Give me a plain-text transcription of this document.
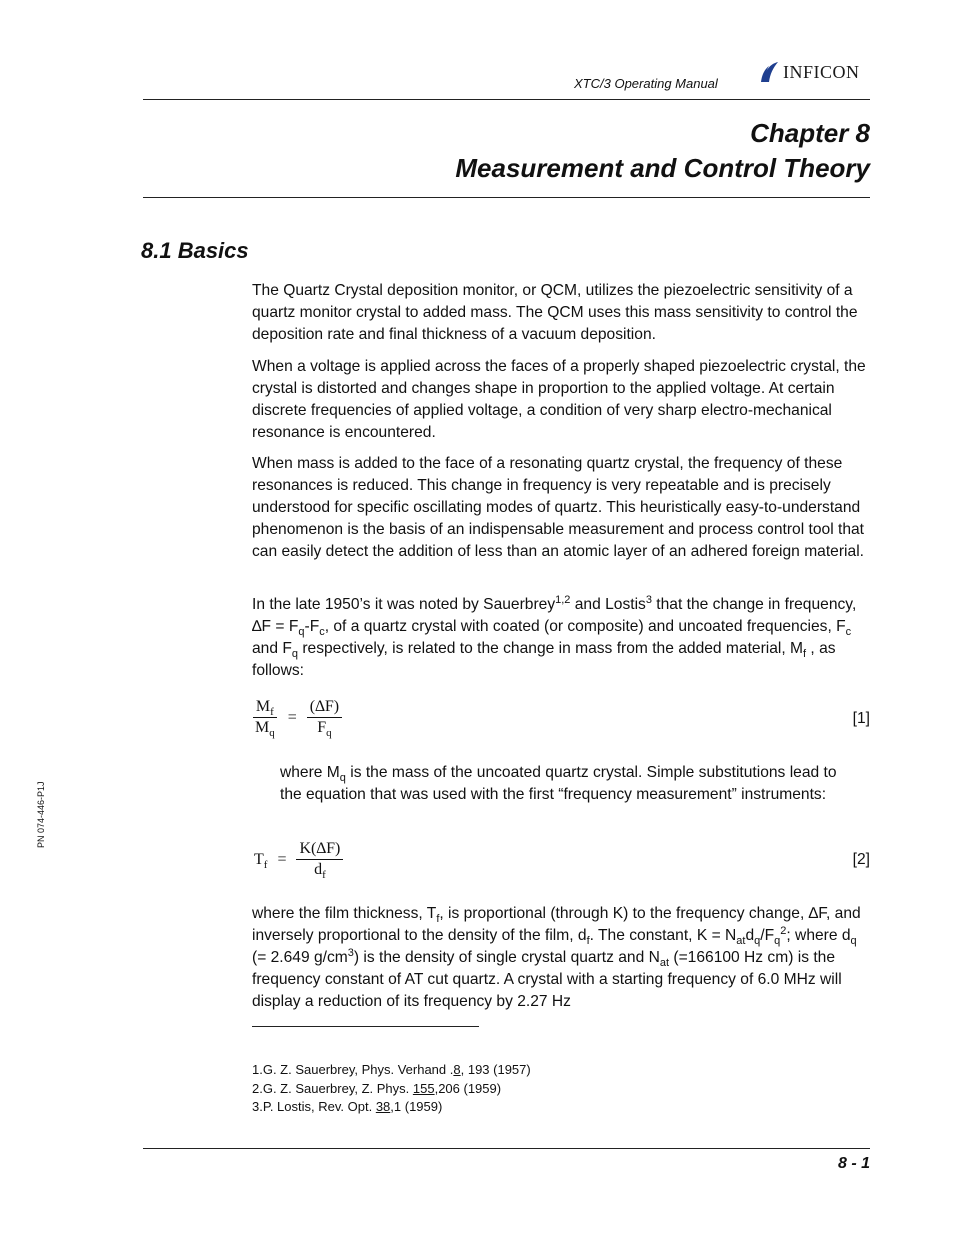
XTC/3 Operating Manual
INFICON
Chapter 8
Measurement and Control Theory
8.1 Basics

The Quartz Crystal deposition monitor, or QCM, utilizes the piezoelectric sensitivity of a quartz monitor crystal to added mass. The QCM uses this mass sensitivity to control the deposition rate and final thickness of a vacuum deposition.

When a voltage is applied across the faces of a properly shaped piezoelectric crystal, the crystal is distorted and changes shape in proportion to the applied voltage. At certain discrete frequencies of applied voltage, a condition of very sharp electro-mechanical resonance is encountered.

When mass is added to the face of a resonating quartz crystal, the frequency of these resonances is reduced. This change in frequency is very repeatable and is precisely understood for specific oscillating modes of quartz. This heuristically easy-to-understand phenomenon is the basis of an indispensable measurement and process control tool that can easily detect the addition of less than an atomic layer of an adhered foreign material.

In the late 1950’s it was noted by Sauerbrey$^{1,2}$ and Lostis$^3$ that the change in frequency, $\Delta F = F_q-F_c$, of a quartz crystal with coated (or composite) and uncoated frequencies, $F_c$ and $F_q$ respectively, is related to the change in mass from the added material, $M_f$ , as follows:

$\frac{M_f}{M_q} = \frac{(\Delta F)}{F_q}$	[1]

where $M_q$ is the mass of the uncoated quartz crystal. Simple substitutions lead to the equation that was used with the first “frequency measurement” instruments:

$T_f = \frac{K(\Delta F)}{d_f}$	[2]

where the film thickness, $T_f$, is proportional (through K) to the frequency change, ∆F, and inversely proportional to the density of the film, $d_f$. The constant, $K = N_{at}d_q/F_q^2$; where $d_q$ (= 2.649 $g/cm^3$) is the density of single crystal quartz and $N_{at}$ (=166100 Hz cm) is the frequency constant of AT cut quartz. A crystal with a starting frequency of 6.0 MHz will display a reduction of its frequency by 2.27 Hz

1.G. Z. Sauerbrey, Phys. Verhand .8, 193 (1957)
2.G. Z. Sauerbrey, Z. Phys. 155,206 (1959)
3.P. Lostis, Rev. Opt. 38,1 (1959)
8 - 1
PN 074-446-P1J
